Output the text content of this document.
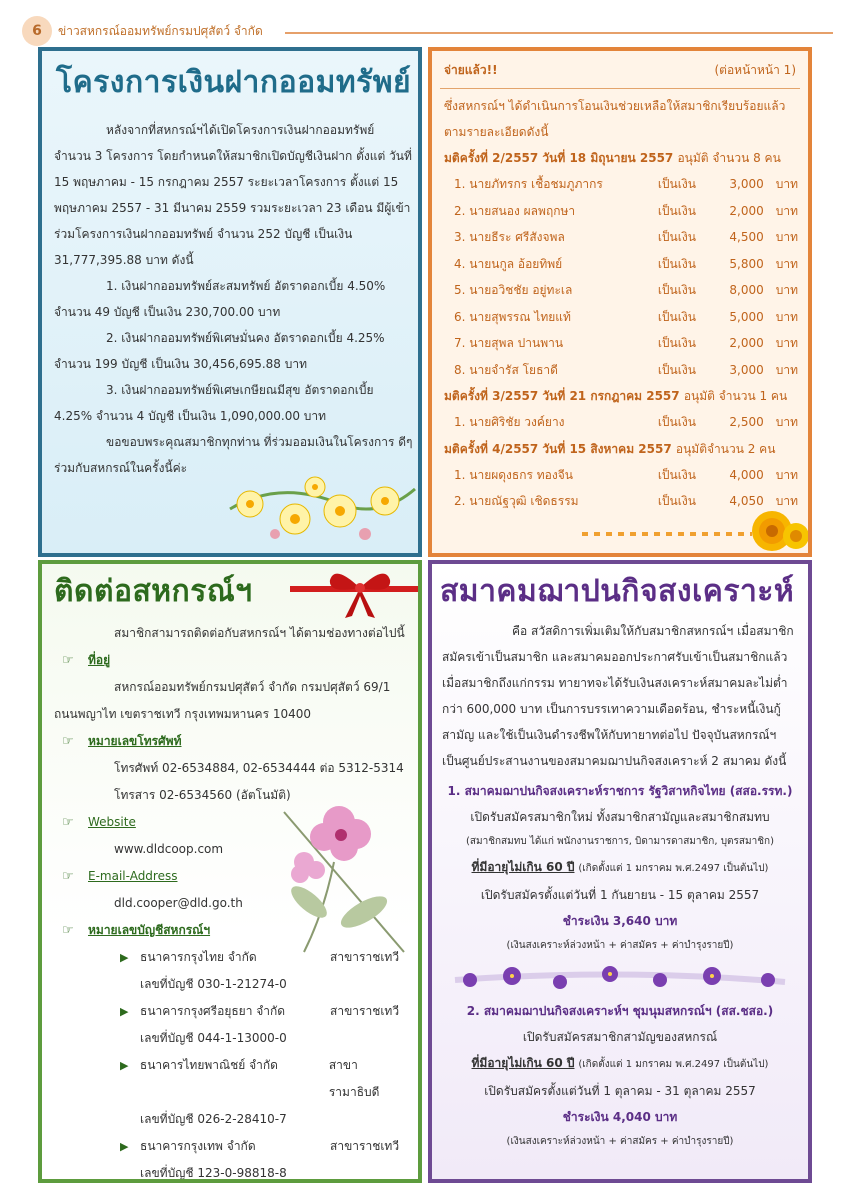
6	ข่าวสหกรณ์ออมทรัพย์กรมปศุสัตว์ จำกัด
โครงการเงินฝากออมทรัพย์
หลังจากที่สหกรณ์ฯได้เปิดโครงการเงินฝากออมทรัพย์ จำนวน 3 โครงการ โดยกำหนดให้สมาชิกเปิดบัญชีเงินฝาก ตั้งแต่ วันที่ 15 พฤษภาคม - 15 กรกฎาคม 2557 ระยะเวลาโครงการ ตั้งแต่ 15 พฤษภาคม 2557 - 31 มีนาคม 2559 รวมระยะเวลา 23 เดือน มีผู้เข้าร่วมโครงการเงินฝากออมทรัพย์ จำนวน 252 บัญชี เป็นเงิน 31,777,395.88 บาท ดังนี้
1. เงินฝากออมทรัพย์สะสมทรัพย์ อัตราดอกเบี้ย 4.50% จำนวน 49 บัญชี เป็นเงิน 230,700.00 บาท
2. เงินฝากออมทรัพย์พิเศษมั่นคง อัตราดอกเบี้ย 4.25% จำนวน 199 บัญชี เป็นเงิน 30,456,695.88 บาท
3. เงินฝากออมทรัพย์พิเศษเกษียณมีสุข อัตราดอกเบี้ย 4.25% จำนวน 4 บัญชี เป็นเงิน 1,090,000.00 บาท
ขอขอบพระคุณสมาชิกทุกท่าน ที่ร่วมออมเงินในโครงการ ดีๆ ร่วมกับสหกรณ์ในครั้งนี้ค่ะ
จ่ายแล้ว!!	(ต่อหน้าหน้า 1)
ซึ่งสหกรณ์ฯ ได้ดำเนินการโอนเงินช่วยเหลือให้สมาชิกเรียบร้อยแล้ว ตามรายละเอียดดังนี้
มติครั้งที่ 2/2557 วันที่ 18 มิถุนายน 2557 อนุมัติ จำนวน 8 คน
1. นายภัทรกร เชื้อชมภูภากร	เป็นเงิน	3,000	บาท
2. นายสนอง ผลพฤกษา	เป็นเงิน	2,000	บาท
3. นายธีระ ศรีสังจพล	เป็นเงิน	4,500	บาท
4. นายนกูล อ้อยทิพย์	เป็นเงิน	5,800	บาท
5. นายอวิชชัย อยู่ทะเล	เป็นเงิน	8,000	บาท
6. นายสุพรรณ ไทยแท้	เป็นเงิน	5,000	บาท
7. นายสุพล ปานพาน	เป็นเงิน	2,000	บาท
8. นายจำรัส โยธาดี	เป็นเงิน	3,000	บาท
มติครั้งที่ 3/2557 วันที่ 21 กรกฎาคม 2557 อนุมัติ จำนวน 1 คน
1. นายศิริชัย วงค์ยาง	เป็นเงิน	2,500	บาท
มติครั้งที่ 4/2557 วันที่ 15 สิงหาคม 2557 อนุมัติจำนวน 2 คน
1. นายผดุงธกร ทองจีน	เป็นเงิน	4,000	บาท
2. นายณัฐวุฒิ เชิดธรรม	เป็นเงิน	4,050	บาท
ติดต่อสหกรณ์ฯ
สมาชิกสามารถติดต่อกับสหกรณ์ฯ ได้ตามช่องทางต่อไปนี้
☞	ที่อยู่
สหกรณ์ออมทรัพย์กรมปศุสัตว์ จำกัด กรมปศุสัตว์ 69/1
ถนนพญาไท เขตราชเทวี กรุงเทพมหานคร 10400
☞	หมายเลขโทรศัพท์
โทรศัพท์ 02-6534884, 02-6534444 ต่อ 5312-5314
โทรสาร 02-6534560 (อัตโนมัติ)
☞	Website
www.dldcoop.com
☞	E-mail-Address
dld.cooper@dld.go.th
☞	หมายเลขบัญชีสหกรณ์ฯ
▶ ธนาคารกรุงไทย จำกัด	สาขาราชเทวี
เลขที่บัญชี 030-1-21274-0
▶ ธนาคารกรุงศรีอยุธยา จำกัด	สาขาราชเทวี
เลขที่บัญชี 044-1-13000-0
▶ ธนาคารไทยพาณิชย์ จำกัด	สาขารามาธิบดี
เลขที่บัญชี 026-2-28410-7
▶ ธนาคารกรุงเทพ จำกัด	สาขาราชเทวี
เลขที่บัญชี 123-0-98818-8
สมาคมฌาปนกิจสงเคราะห์
คือ สวัสดิการเพิ่มเติมให้กับสมาชิกสหกรณ์ฯ เมื่อสมาชิกสมัครเข้าเป็นสมาชิก และสมาคมออกประกาศรับเข้าเป็นสมาชิกแล้ว เมื่อสมาชิกถึงแก่กรรม ทายาทจะได้รับเงินสงเคราะห์สมาคมละไม่ต่ำกว่า 600,000 บาท เป็นการบรรเทาความเดือดร้อน, ชำระหนี้เงินกู้สามัญ และใช้เป็นเงินดำรงชีพให้กับทายาทต่อไป ปัจจุบันสหกรณ์ฯ เป็นศูนย์ประสานงานของสมาคมฌาปนกิจสงเคราะห์ 2 สมาคม ดังนี้
1. สมาคมฌาปนกิจสงเคราะห์ราชการ รัฐวิสาหกิจไทย (สสอ.รรท.)
เปิดรับสมัครสมาชิกใหม่ ทั้งสมาชิกสามัญและสมาชิกสมทบ
(สมาชิกสมทบ ได้แก่ พนักงานราชการ, บิดามารดาสมาชิก, บุตรสมาชิก)
ที่มีอายุไม่เกิน 60 ปี (เกิดตั้งแต่ 1 มกราคม พ.ศ.2497 เป็นต้นไป)
เปิดรับสมัครตั้งแต่วันที่ 1 กันยายน - 15 ตุลาคม 2557
ชำระเงิน 3,640 บาท
(เงินสงเคราะห์ล่วงหน้า + ค่าสมัคร + ค่าบำรุงรายปี)
2. สมาคมฌาปนกิจสงเคราะห์ฯ ชุมนุมสหกรณ์ฯ (สส.ชสอ.)
เปิดรับสมัครสมาชิกสามัญของสหกรณ์
ที่มีอายุไม่เกิน 60 ปี (เกิดตั้งแต่ 1 มกราคม พ.ศ.2497 เป็นต้นไป)
เปิดรับสมัครตั้งแต่วันที่ 1 ตุลาคม - 31 ตุลาคม 2557
ชำระเงิน 4,040 บาท
(เงินสงเคราะห์ล่วงหน้า + ค่าสมัคร + ค่าบำรุงรายปี)
